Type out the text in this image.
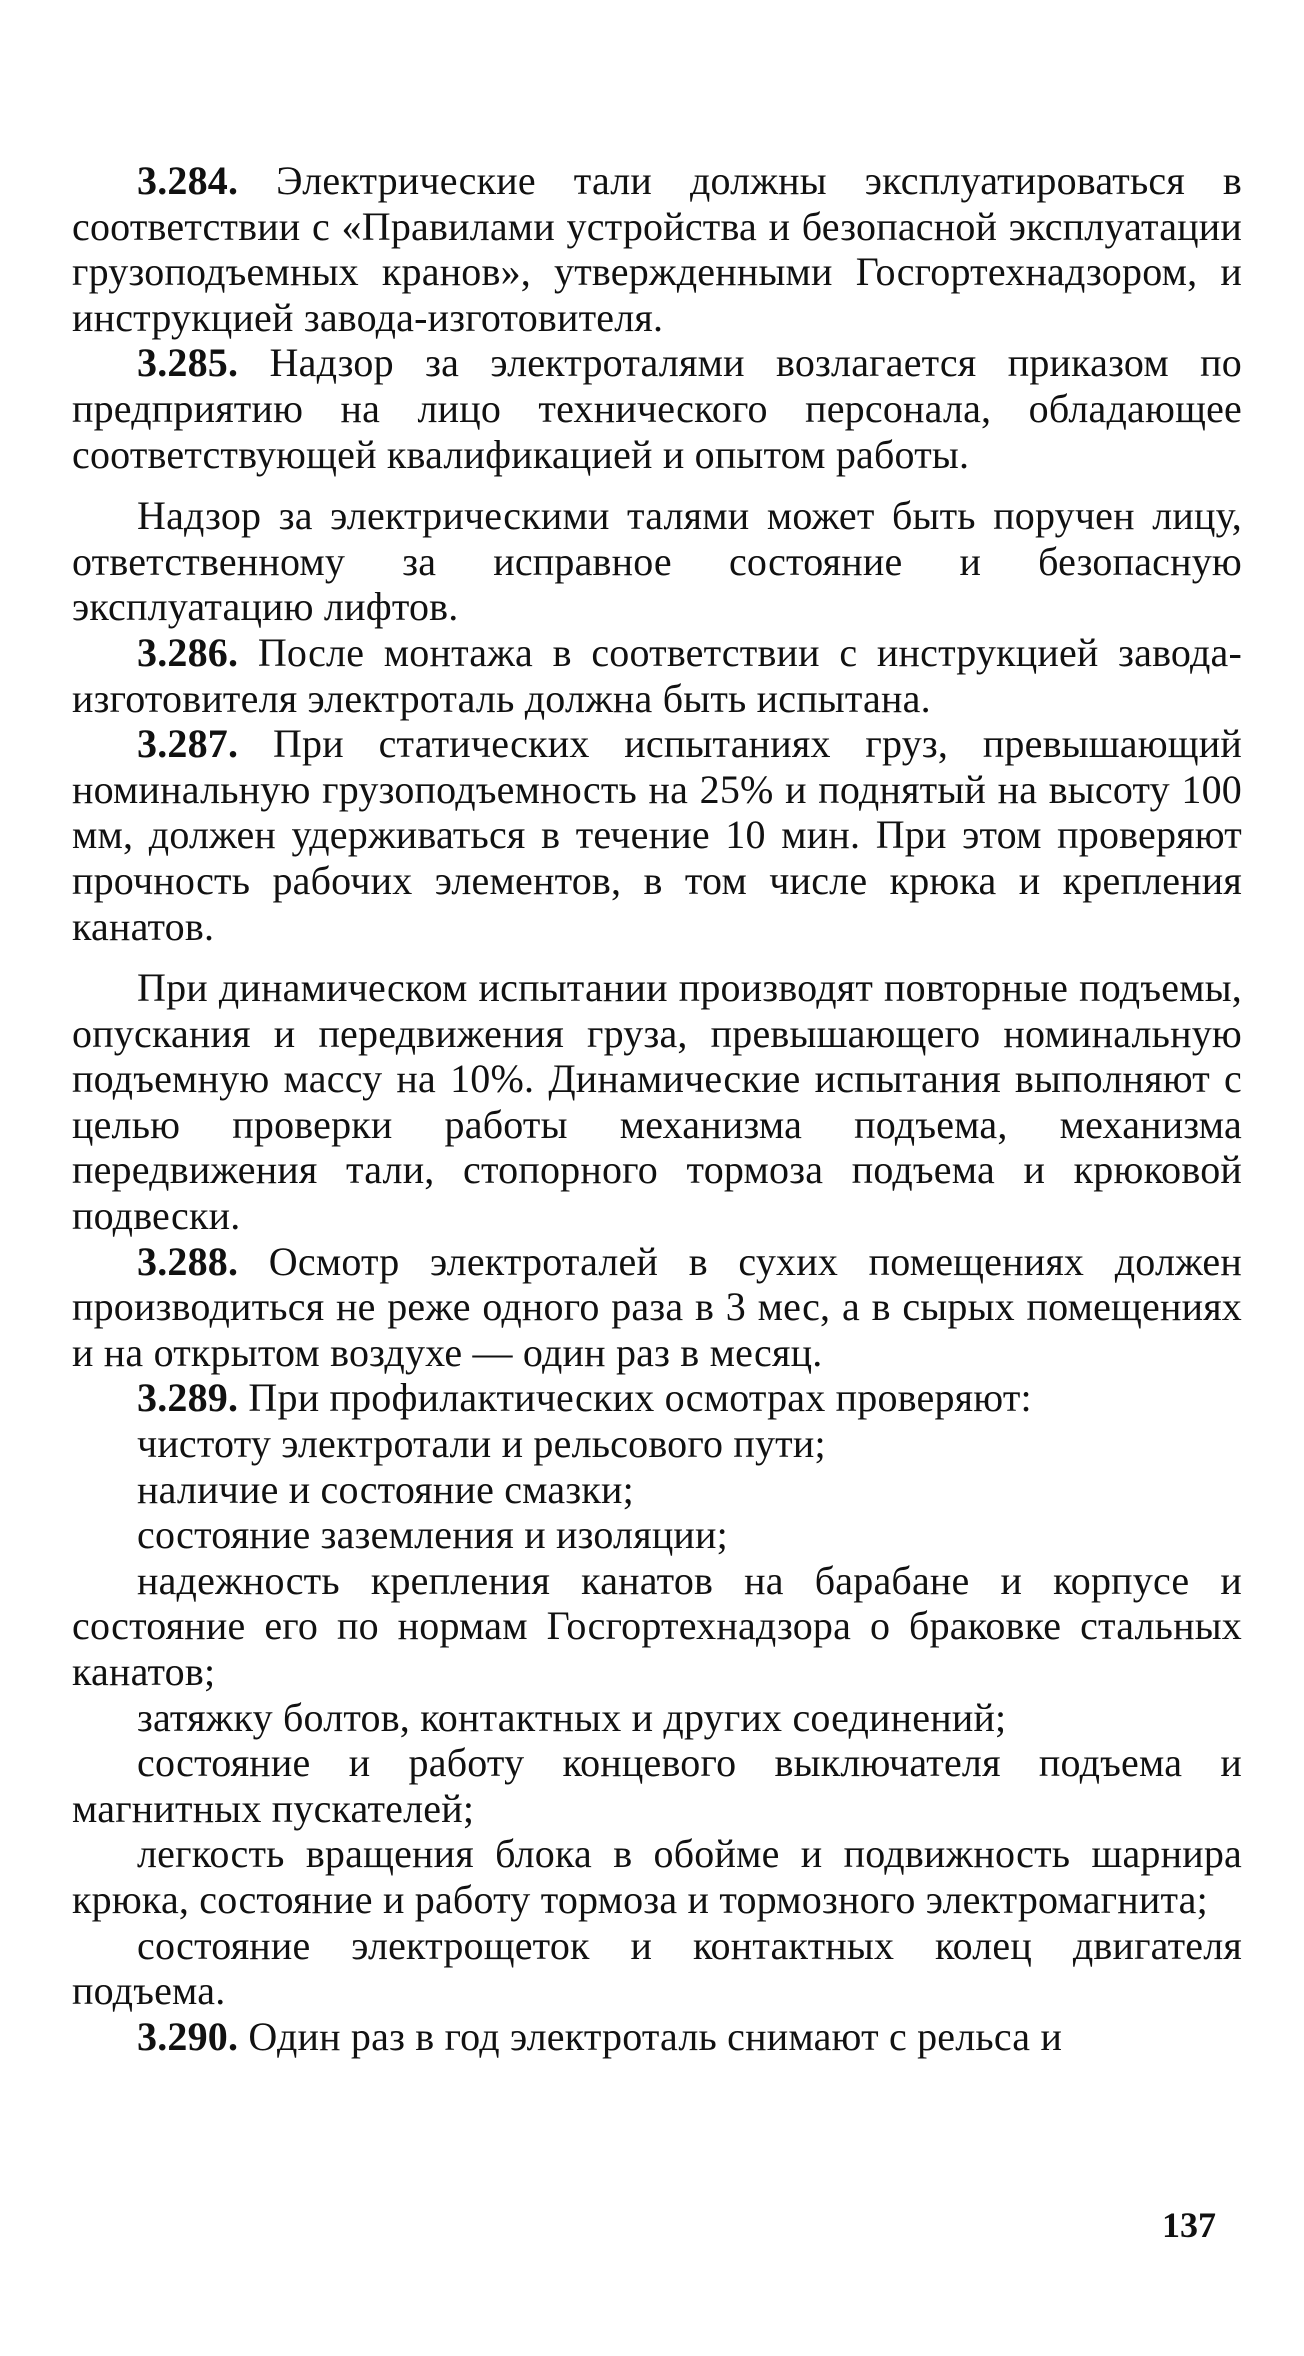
3.284. Электрические тали должны эксплуатироваться в соответствии с «Правилами устройства и безопасной эксплуатации грузоподъемных кранов», утвержденными Госгортехнадзором, и инструкцией завода-изготовителя.

3.285. Надзор за электроталями возлагается приказом по предприятию на лицо технического персонала, обладающее соответствующей квалификацией и опытом работы.

Надзор за электрическими талями может быть поручен лицу, ответственному за исправное состояние и безопасную эксплуатацию лифтов.

3.286. После монтажа в соответствии с инструкцией завода-изготовителя электроталь должна быть испытана.

3.287. При статических испытаниях груз, превышающий номинальную грузоподъемность на 25% и поднятый на высоту 100 мм, должен удерживаться в течение 10 мин. При этом проверяют прочность рабочих элементов, в том числе крюка и крепления канатов.

При динамическом испытании производят повторные подъемы, опускания и передвижения груза, превышающего номинальную подъемную массу на 10%. Динамические испытания выполняют с целью проверки работы механизма подъема, механизма передвижения тали, стопорного тормоза подъема и крюковой подвески.

3.288. Осмотр электроталей в сухих помещениях должен производиться не реже одного раза в 3 мес, а в сырых помещениях и на открытом воздухе — один раз в месяц.

3.289. При профилактических осмотрах проверяют:

чистоту электротали и рельсового пути;

наличие и состояние смазки;

состояние заземления и изоляции;

надежность крепления канатов на барабане и корпусе и состояние его по нормам Госгортехнадзора о браковке стальных канатов;

затяжку болтов, контактных и других соединений;

состояние и работу концевого выключателя подъема и магнитных пускателей;

легкость вращения блока в обойме и подвижность шарнира крюка, состояние и работу тормоза и тормозного электромагнита;

состояние электрощеток и контактных колец двигателя подъема.

3.290. Один раз в год электроталь снимают с рельса и

137
